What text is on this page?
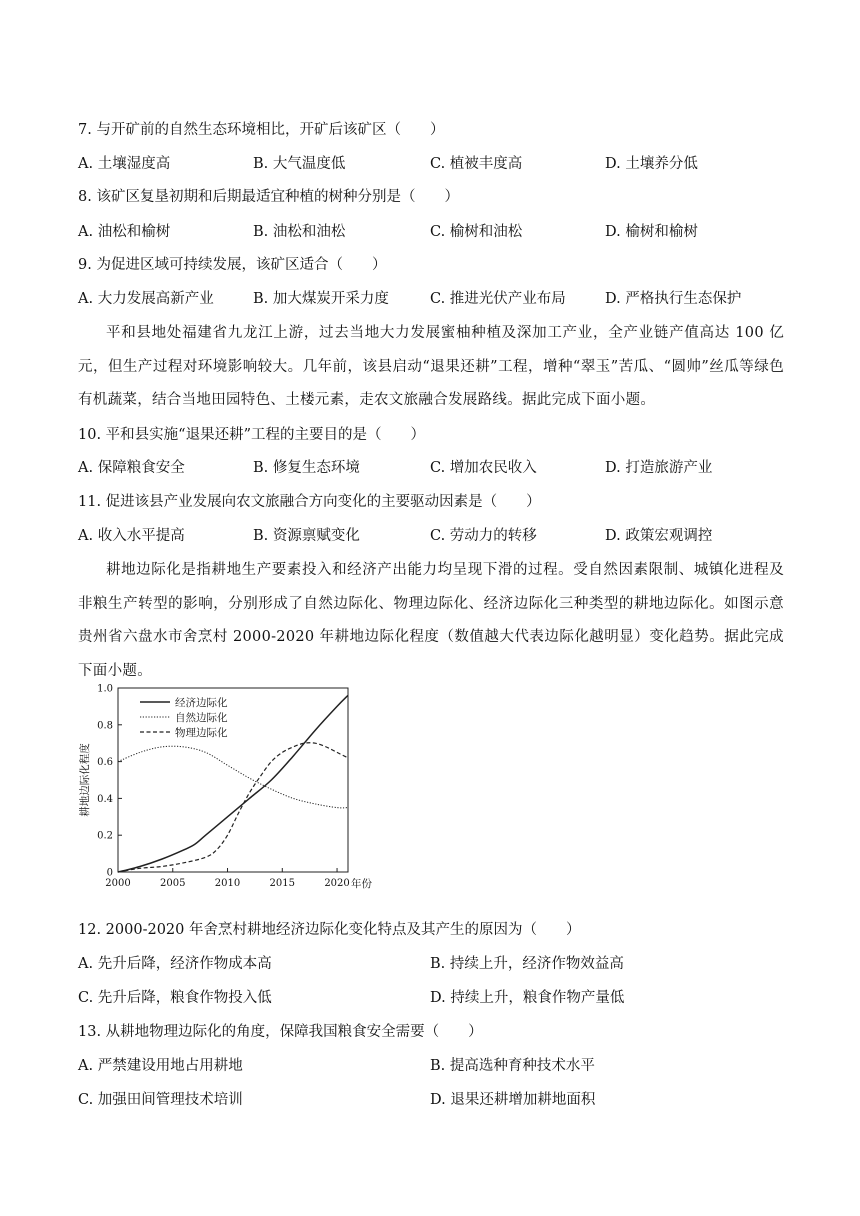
7. 与开矿前的自然生态环境相比，开矿后该矿区（　　）
A. 土壤湿度高	B. 大气温度低	C. 植被丰度高	D. 土壤养分低
8. 该矿区复垦初期和后期最适宜种植的树种分别是（　　）
A. 油松和榆树	B. 油松和油松	C. 榆树和油松	D. 榆树和榆树
9. 为促进区域可持续发展，该矿区适合（　　）
A. 大力发展高新产业	B. 加大煤炭开采力度	C. 推进光伏产业布局	D. 严格执行生态保护
平和县地处福建省九龙江上游，过去当地大力发展蜜柚种植及深加工产业，全产业链产值高达 100 亿元，但生产过程对环境影响较大。几年前，该县启动“退果还耕”工程，增种“翠玉”苦瓜、“圆帅”丝瓜等绿色有机蔬菜，结合当地田园特色、土楼元素，走农文旅融合发展路线。据此完成下面小题。
10. 平和县实施“退果还耕”工程的主要目的是（　　）
A. 保障粮食安全	B. 修复生态环境	C. 增加农民收入	D. 打造旅游产业
11. 促进该县产业发展向农文旅融合方向变化的主要驱动因素是（　　）
A. 收入水平提高	B. 资源禀赋变化	C. 劳动力的转移	D. 政策宏观调控
耕地边际化是指耕地生产要素投入和经济产出能力均呈现下滑的过程。受自然因素限制、城镇化进程及非粮生产转型的影响，分别形成了自然边际化、物理边际化、经济边际化三种类型的耕地边际化。如图示意贵州省六盘水市舍烹村 2000-2020 年耕地边际化程度（数值越大代表边际化越明显）变化趋势。据此完成下面小题。
0
0.2
0.4
0.6
0.8
1.0
2000	2005	2010	2015	2020 年份
耕地边际化程度
经济边际化
自然边际化
物理边际化
12. 2000-2020 年舍烹村耕地经济边际化变化特点及其产生的原因为（　　）
A. 先升后降，经济作物成本高	B. 持续上升，经济作物效益高
C. 先升后降，粮食作物投入低	D. 持续上升，粮食作物产量低
13. 从耕地物理边际化的角度，保障我国粮食安全需要（　　）
A. 严禁建设用地占用耕地	B. 提高选种育种技术水平
C. 加强田间管理技术培训	D. 退果还耕增加耕地面积
